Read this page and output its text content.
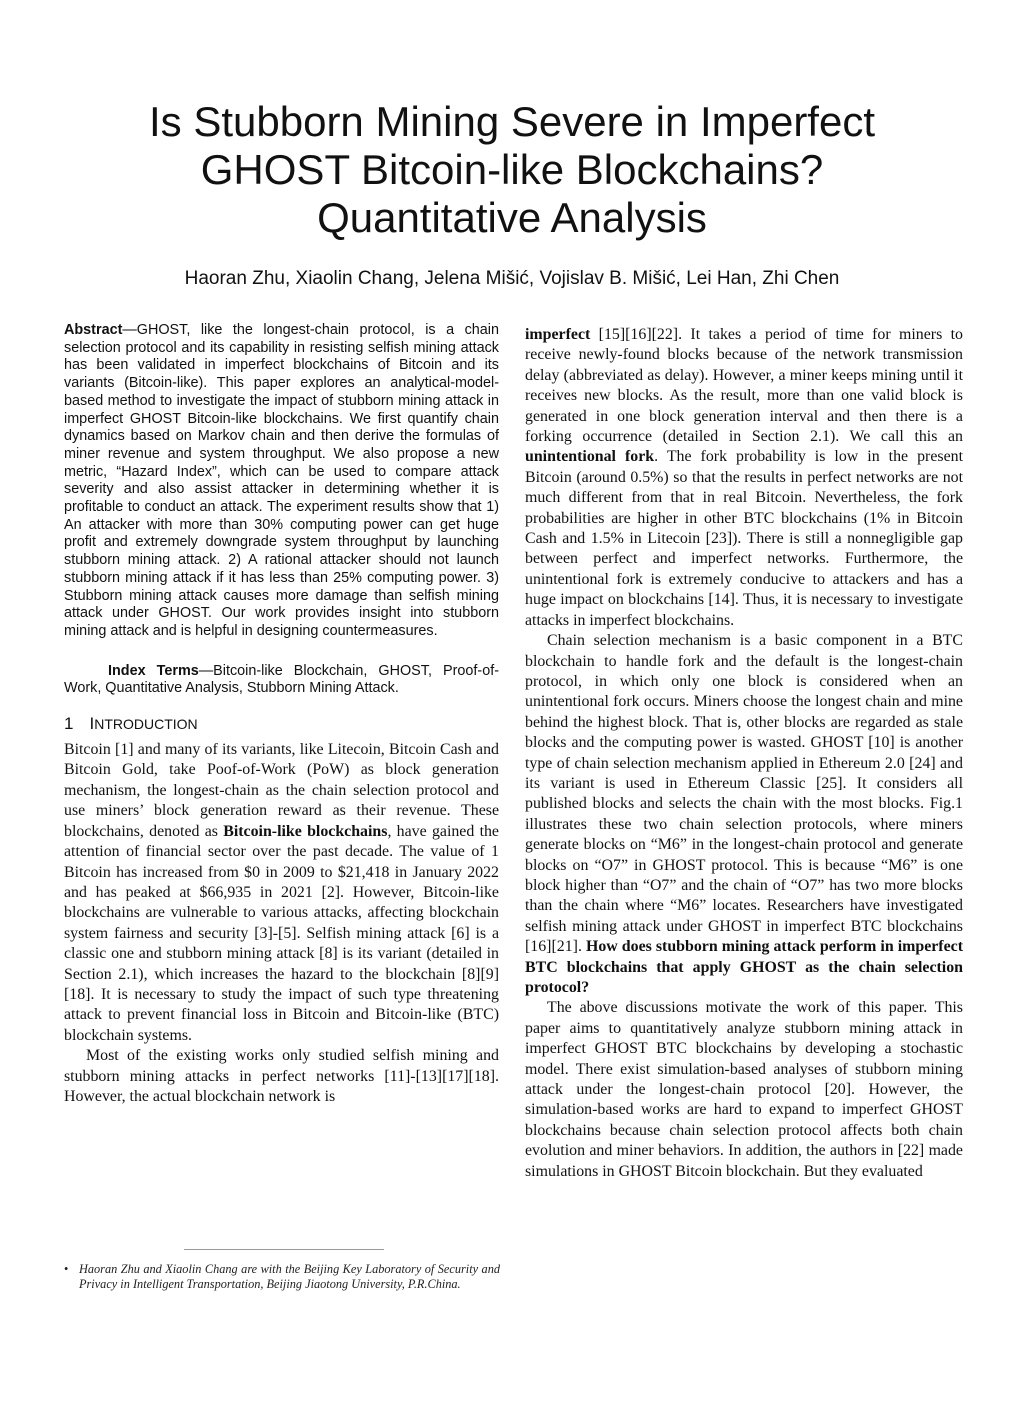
Is Stubborn Mining Severe in Imperfect
GHOST Bitcoin-like Blockchains?
Quantitative Analysis
Haoran Zhu, Xiaolin Chang, Jelena Mišić, Vojislav B. Mišić, Lei Han, Zhi Chen

Abstract—GHOST, like the longest-chain protocol, is a chain selection protocol and its capability in resisting selfish mining attack has been validated in imperfect blockchains of Bitcoin and its variants (Bitcoin-like). This paper explores an analytical-model-based method to investigate the impact of stubborn mining attack in imperfect GHOST Bitcoin-like blockchains. We first quantify chain dynamics based on Markov chain and then derive the formulas of miner revenue and system throughput. We also propose a new metric, “Hazard Index”, which can be used to compare attack severity and also assist attacker in determining whether it is profitable to conduct an attack. The experiment results show that 1) An attacker with more than 30% computing power can get huge profit and extremely downgrade system throughput by launching stubborn mining attack. 2) A rational attacker should not launch stubborn mining attack if it has less than 25% computing power. 3) Stubborn mining attack causes more damage than selfish mining attack under GHOST. Our work provides insight into stubborn mining attack and is helpful in designing countermeasures.

Index Terms—Bitcoin-like Blockchain, GHOST, Proof-of-Work, Quantitative Analysis, Stubborn Mining Attack.

1 INTRODUCTION

Bitcoin [1] and many of its variants, like Litecoin, Bitcoin Cash and Bitcoin Gold, take Poof-of-Work (PoW) as block generation mechanism, the longest-chain as the chain selection protocol and use miners’ block generation reward as their revenue. These blockchains, denoted as Bitcoin-like blockchains, have gained the attention of financial sector over the past decade. The value of 1 Bitcoin has increased from $0 in 2009 to $21,418 in January 2022 and has peaked at $66,935 in 2021 [2]. However, Bitcoin-like blockchains are vulnerable to various attacks, affecting blockchain system fairness and security [3]-[5]. Selfish mining attack [6] is a classic one and stubborn mining attack [8] is its variant (detailed in Section 2.1), which increases the hazard to the blockchain [8][9][18]. It is necessary to study the impact of such type threatening attack to prevent financial loss in Bitcoin and Bitcoin-like (BTC) blockchain systems.

Most of the existing works only studied selfish mining and stubborn mining attacks in perfect networks [11]-[13][17][18]. However, the actual blockchain network is

imperfect [15][16][22]. It takes a period of time for miners to receive newly-found blocks because of the network transmission delay (abbreviated as delay). However, a miner keeps mining until it receives new blocks. As the result, more than one valid block is generated in one block generation interval and then there is a forking occurrence (detailed in Section 2.1). We call this an unintentional fork. The fork probability is low in the present Bitcoin (around 0.5%) so that the results in perfect networks are not much different from that in real Bitcoin. Nevertheless, the fork probabilities are higher in other BTC blockchains (1% in Bitcoin Cash and 1.5% in Litecoin [23]). There is still a nonnegligible gap between perfect and imperfect networks. Furthermore, the unintentional fork is extremely conducive to attackers and has a huge impact on blockchains [14]. Thus, it is necessary to investigate attacks in imperfect blockchains.

Chain selection mechanism is a basic component in a BTC blockchain to handle fork and the default is the longest-chain protocol, in which only one block is considered when an unintentional fork occurs. Miners choose the longest chain and mine behind the highest block. That is, other blocks are regarded as stale blocks and the computing power is wasted. GHOST [10] is another type of chain selection mechanism applied in Ethereum 2.0 [24] and its variant is used in Ethereum Classic [25]. It considers all published blocks and selects the chain with the most blocks. Fig.1 illustrates these two chain selection protocols, where miners generate blocks on “M6” in the longest-chain protocol and generate blocks on “O7” in GHOST protocol. This is because “M6” is one block higher than “O7” and the chain of “O7” has two more blocks than the chain where “M6” locates. Researchers have investigated selfish mining attack under GHOST in imperfect BTC blockchains [16][21]. How does stubborn mining attack perform in imperfect BTC blockchains that apply GHOST as the chain selection protocol?

The above discussions motivate the work of this paper. This paper aims to quantitatively analyze stubborn mining attack in imperfect GHOST BTC blockchains by developing a stochastic model. There exist simulation-based analyses of stubborn mining attack under the longest-chain protocol [20]. However, the simulation-based works are hard to expand to imperfect GHOST blockchains because chain selection protocol affects both chain evolution and miner behaviors. In addition, the authors in [22] made simulations in GHOST Bitcoin blockchain. But they evaluated

• Haoran Zhu and Xiaolin Chang are with the Beijing Key Laboratory of Security and Privacy in Intelligent Transportation, Beijing Jiaotong University, P.R.China.
